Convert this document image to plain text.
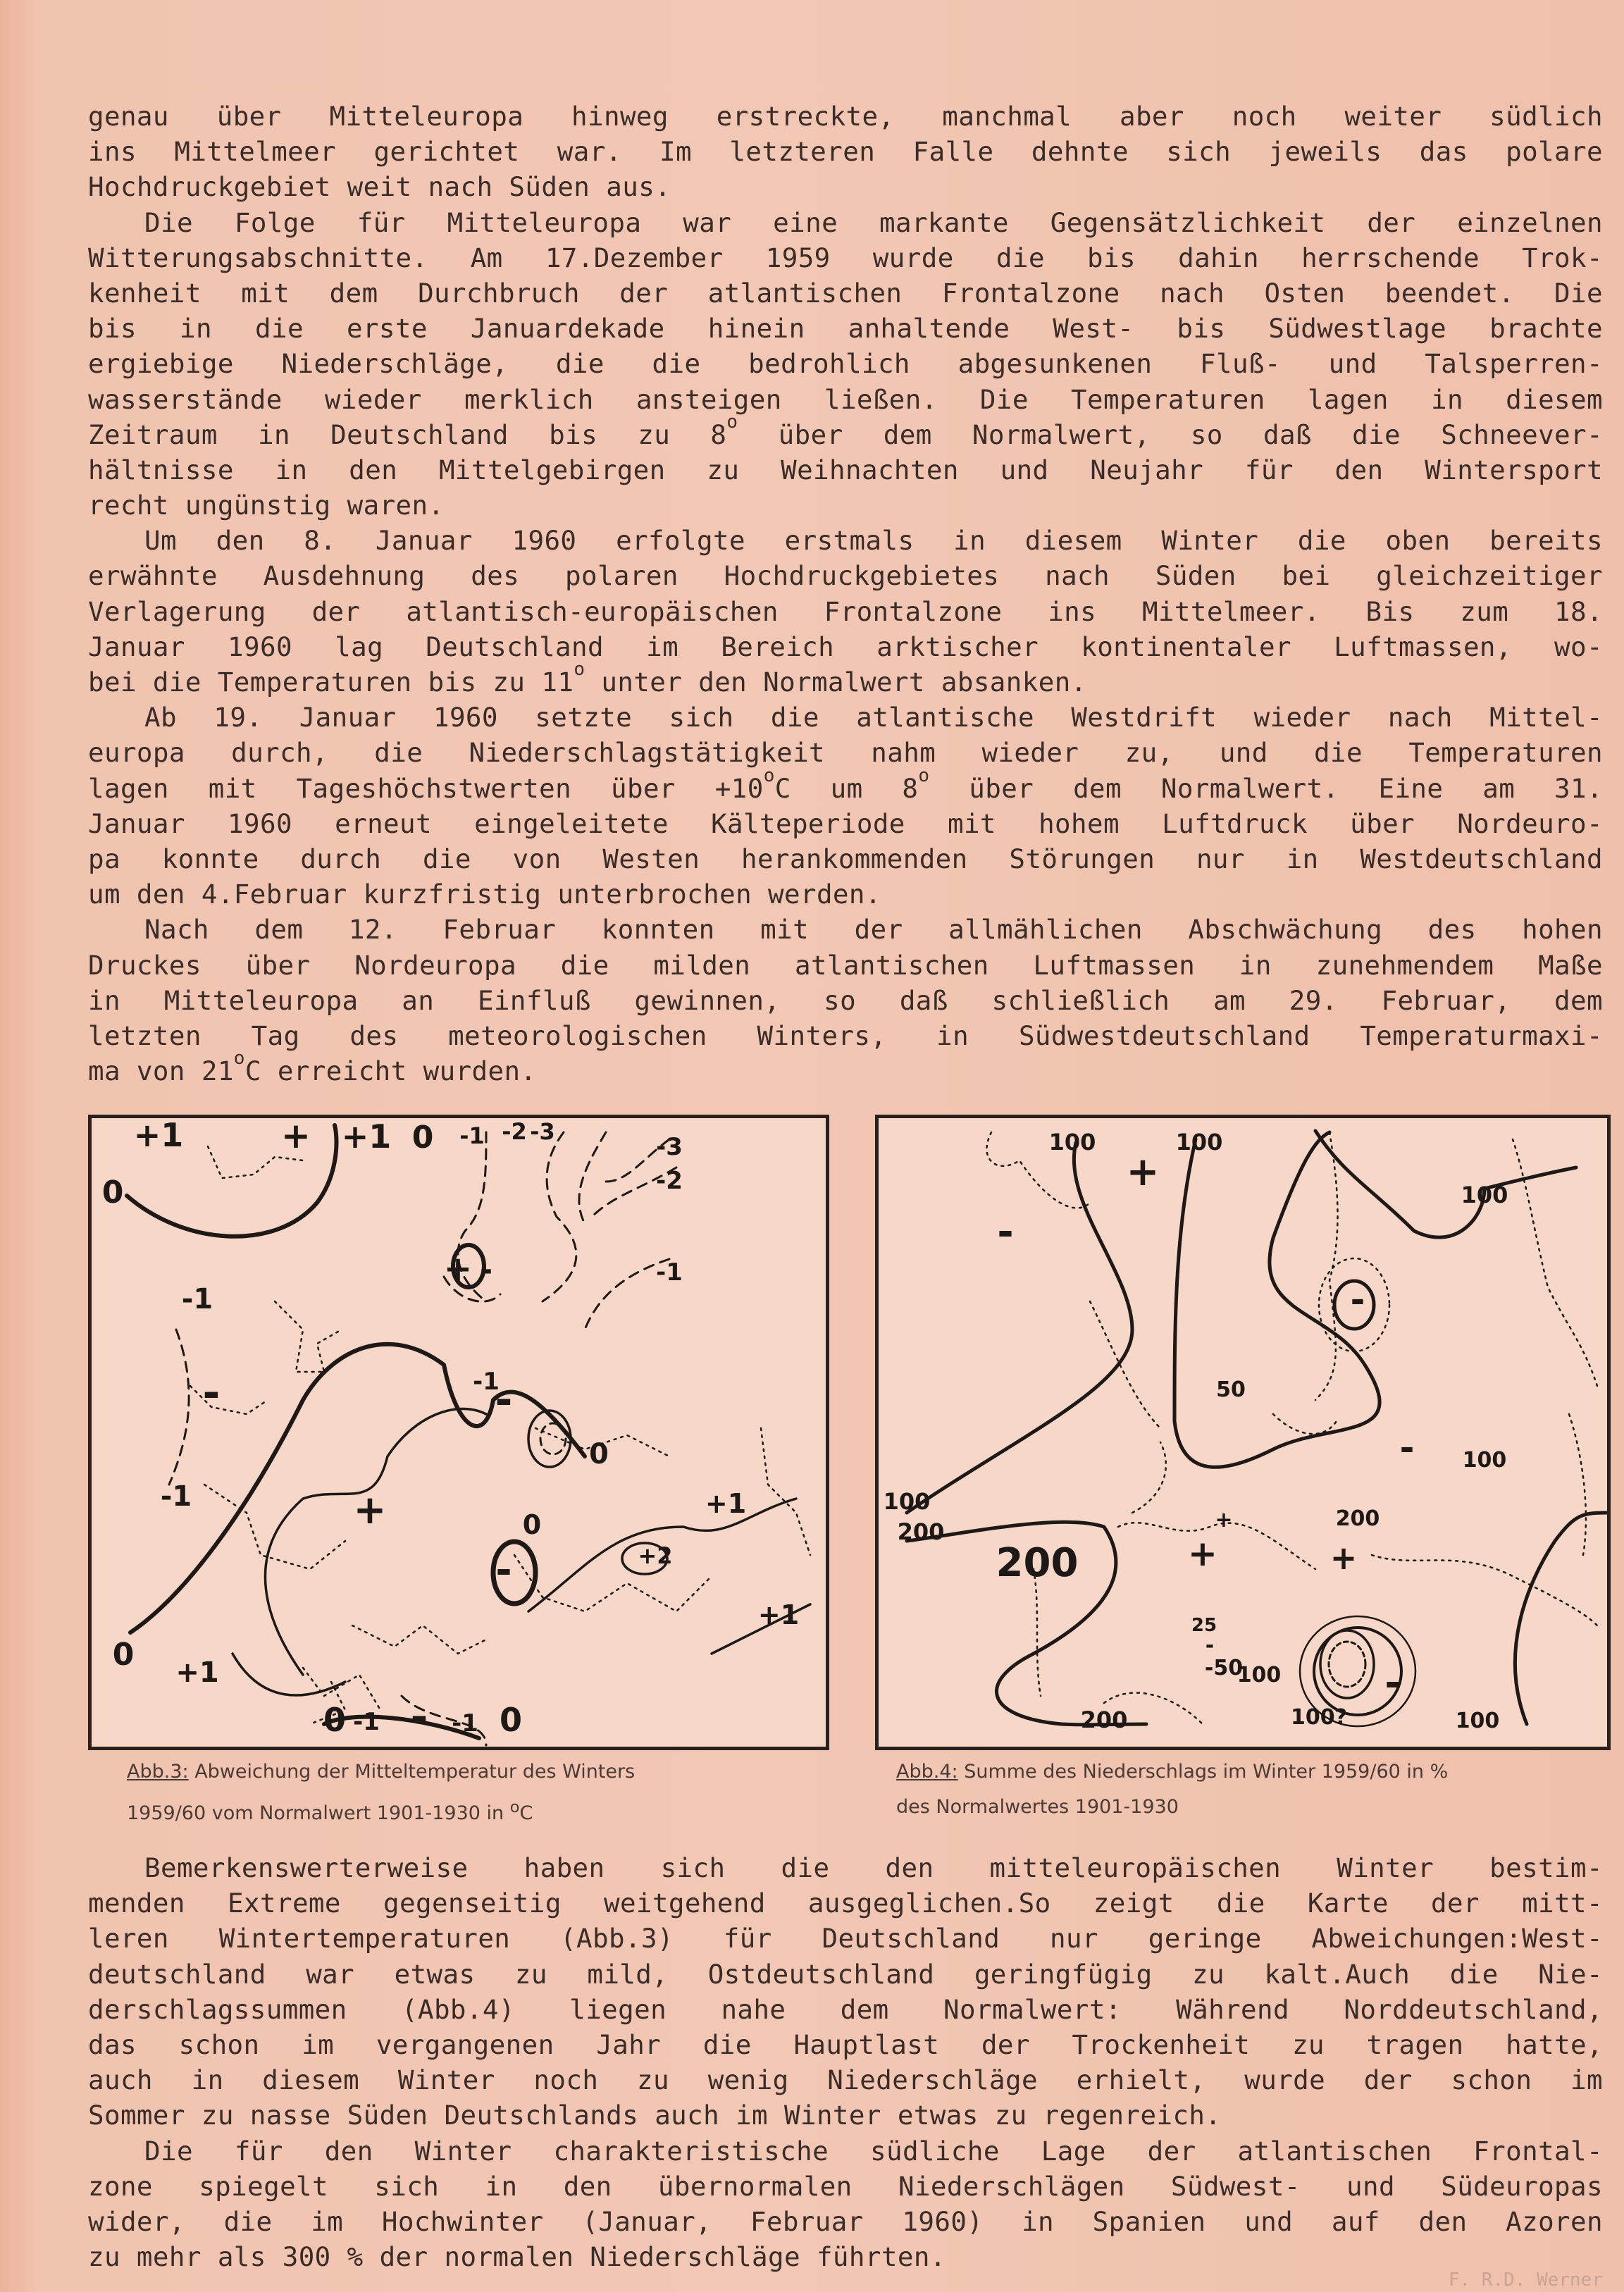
genau über Mitteleuropa hinweg erstreckte, manchmal aber noch weiter südlich
ins Mittelmeer gerichtet war. Im letzteren Falle dehnte sich jeweils das polare
Hochdruckgebiet weit nach Süden aus.
Die Folge für Mitteleuropa war eine markante Gegensätzlichkeit der einzelnen
Witterungsabschnitte. Am 17.Dezember 1959 wurde die bis dahin herrschende Trok-
kenheit mit dem Durchbruch der atlantischen Frontalzone nach Osten beendet. Die
bis in die erste Januardekade hinein anhaltende West- bis Südwestlage brachte
ergiebige Niederschläge, die die bedrohlich abgesunkenen Fluß- und Talsperren-
wasserstände wieder merklich ansteigen ließen. Die Temperaturen lagen in diesem
Zeitraum in Deutschland bis zu 8$^o$ über dem Normalwert, so daß die Schneever-
hältnisse in den Mittelgebirgen zu Weihnachten und Neujahr für den Wintersport
recht ungünstig waren.
Um den 8. Januar 1960 erfolgte erstmals in diesem Winter die oben bereits
erwähnte Ausdehnung des polaren Hochdruckgebietes nach Süden bei gleichzeitiger
Verlagerung der atlantisch-europäischen Frontalzone ins Mittelmeer. Bis zum 18.
Januar 1960 lag Deutschland im Bereich arktischer kontinentaler Luftmassen, wo-
bei die Temperaturen bis zu 11$^o$ unter den Normalwert absanken.
Ab 19. Januar 1960 setzte sich die atlantische Westdrift wieder nach Mittel-
europa durch, die Niederschlagstätigkeit nahm wieder zu, und die Temperaturen
lagen mit Tageshöchstwerten über $+10^oC$ um 8$^o$ über dem Normalwert. Eine am 31.
Januar 1960 erneut eingeleitete Kälteperiode mit hohem Luftdruck über Nordeuro-
pa konnte durch die von Westen herankommenden Störungen nur in Westdeutschland
um den 4.Februar kurzfristig unterbrochen werden.
Nach dem 12. Februar konnten mit der allmählichen Abschwächung des hohen
Druckes über Nordeuropa die milden atlantischen Luftmassen in zunehmendem Maße
in Mitteleuropa an Einfluß gewinnen, so daß schließlich am 29. Februar, dem
letzten Tag des meteorologischen Winters, in Südwestdeutschland Temperaturmaxi-
ma von 21$^o$C erreicht wurden.
+1	+ +1 0 -1 -2 -3
-3
-2
-1
0
+ -
-1
-
-1
-1
-
0
+1
+	0
-	+2
+1
0 +1
0 -1 - -1 0
Abb.3: Abweichung der Mitteltemperatur des Winters
1959/60 vom Normalwert 1901-1930 in $^o$C
100	100
+	100
-
-
50
- 100
100
200
200
+	200
+	+
25
-
-50
100	-
100?	100
200
Abb.4: Summe des Niederschlags im Winter 1959/60 in %
des Normalwertes 1901-1930
Bemerkenswerterweise haben sich die den mitteleuropäischen Winter bestim-
menden Extreme gegenseitig weitgehend ausgeglichen.So zeigt die Karte der mitt-
leren Wintertemperaturen (Abb.3) für Deutschland nur geringe Abweichungen:West-
deutschland war etwas zu mild, Ostdeutschland geringfügig zu kalt.Auch die Nie-
derschlagssummen (Abb.4) liegen nahe dem Normalwert: Während Norddeutschland,
das schon im vergangenen Jahr die Hauptlast der Trockenheit zu tragen hatte,
auch in diesem Winter noch zu wenig Niederschläge erhielt, wurde der schon im
Sommer zu nasse Süden Deutschlands auch im Winter etwas zu regenreich.
Die für den Winter charakteristische südliche Lage der atlantischen Frontal-
zone spiegelt sich in den übernormalen Niederschlägen Südwest- und Südeuropas
wider, die im Hochwinter (Januar, Februar 1960) in Spanien und auf den Azoren
zu mehr als 300 % der normalen Niederschläge führten.
F. R.D. Werner
